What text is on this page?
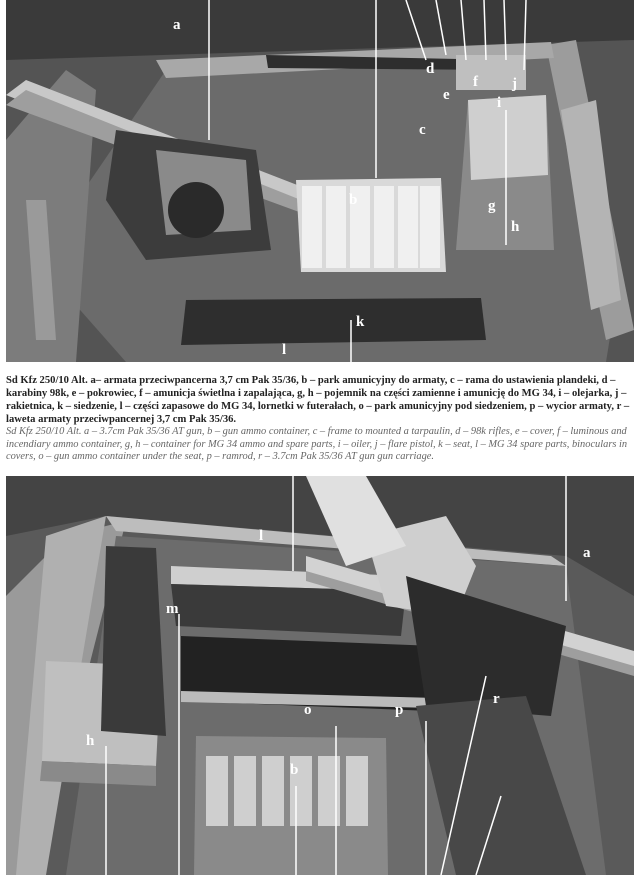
a
b
c
d
e
f
i
j
g
h
k
l
Sd Kfz 250/10 Alt. a– armata przeciwpancerna 3,7 cm Pak 35/36, b – park amunicyjny do armaty, c – rama do ustawienia plandeki, d – karabiny 98k, e – pokrowiec, f – amunicja świetlna i zapalająca, g, h – pojemnik na części zamienne i amunicję do MG 34, i – olejarka, j – rakietnica, k – siedzenie, l – części zapasowe do MG 34, lornetki w futerałach, o – park amunicyjny pod siedzeniem, p – wycior armaty, r – laweta armaty przeciwpancernej 3,7 cm Pak 35/36.
Sd Kfz 250/10 Alt. a – 3.7cm Pak 35/36 AT gun, b – gun ammo container, c – frame to mounted a tarpaulin, d – 98k rifles, e – cover, f – luminous and incendiary ammo container, g, h – container for MG 34 ammo and spare parts, i – oiler, j – flare pistol, k – seat, l – MG 34 spare parts, binoculars in covers, o – gun ammo container under the seat, p – ramrod, r – 3.7cm Pak 35/36 AT gun gun carriage.
l
a
m
o	p
r
h
b
